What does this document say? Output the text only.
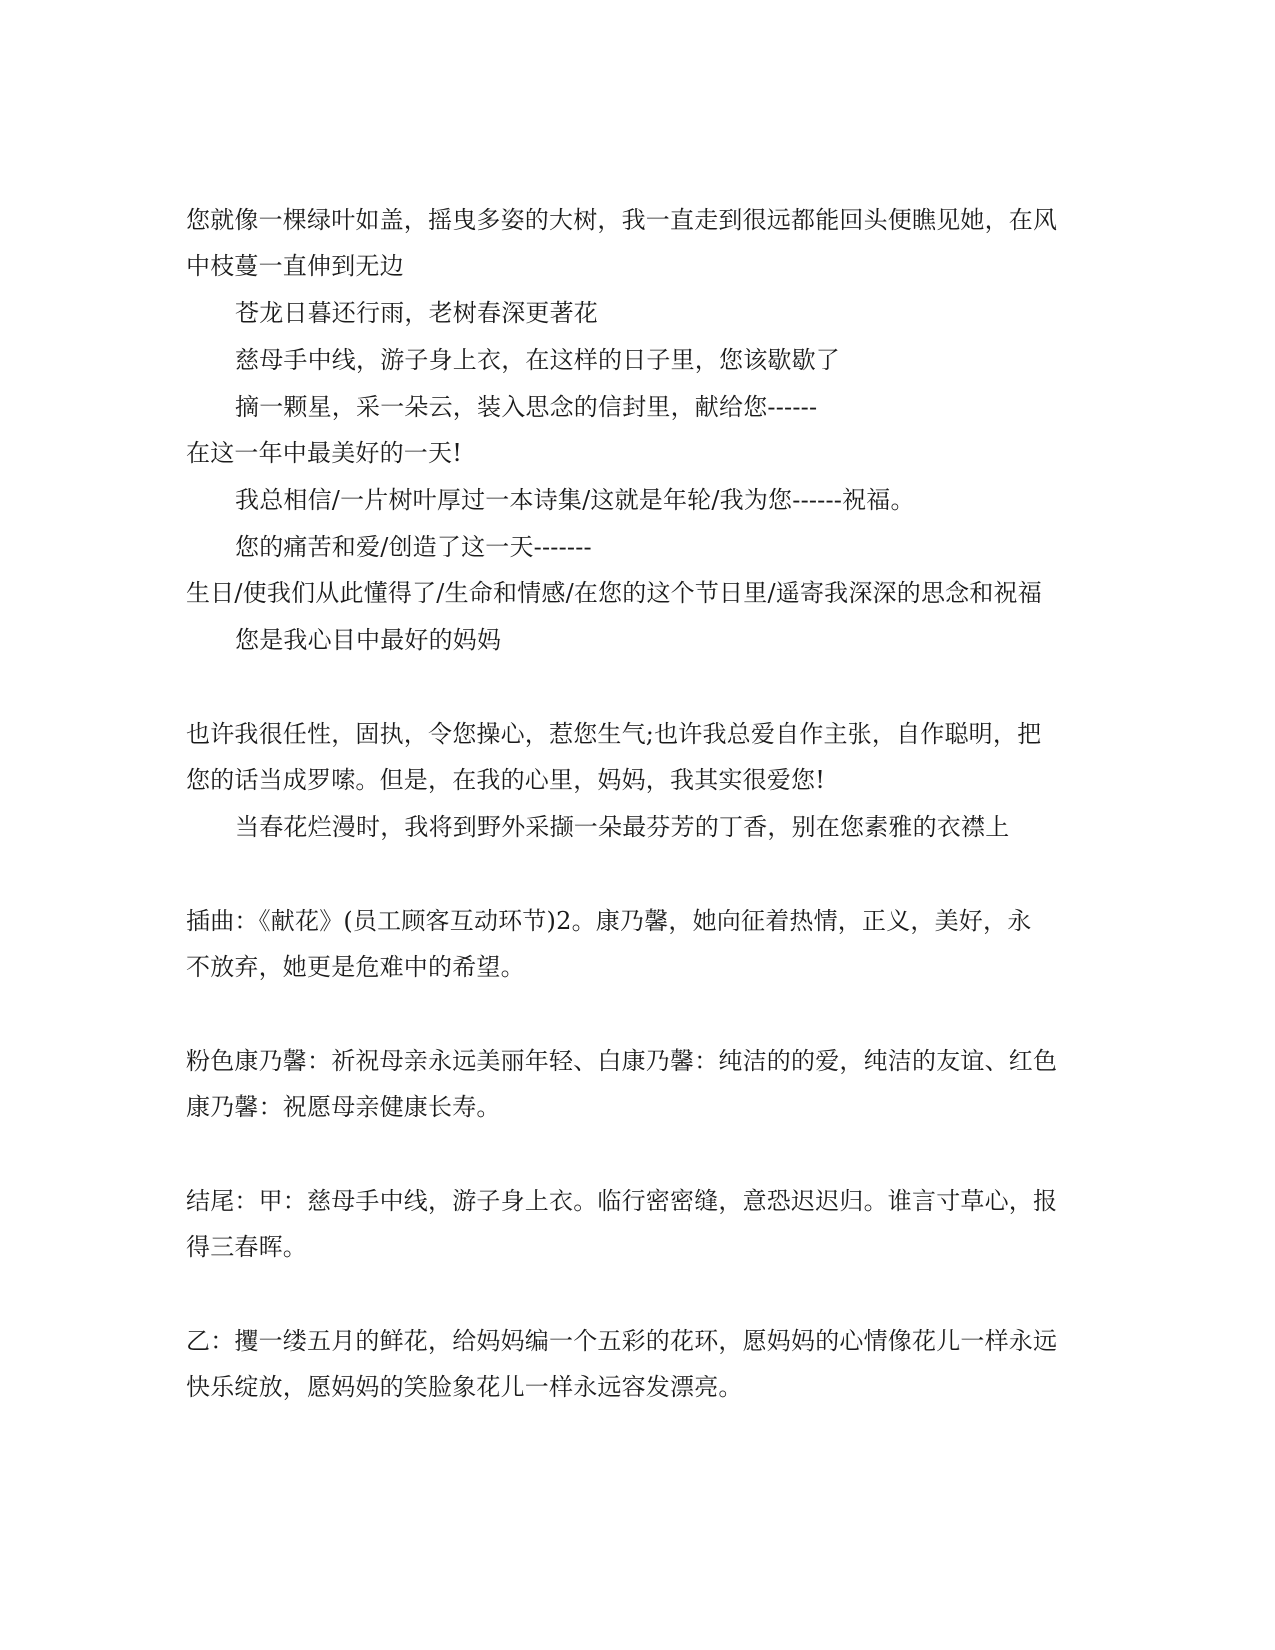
您就像一棵绿叶如盖，摇曳多姿的大树，我一直走到很远都能回头便瞧见她，在风
中枝蔓一直伸到无边
苍龙日暮还行雨，老树春深更著花
慈母手中线，游子身上衣，在这样的日子里，您该歇歇了
摘一颗星，采一朵云，装入思念的信封里，献给您------
在这一年中最美好的一天!
我总相信/一片树叶厚过一本诗集/这就是年轮/我为您------祝福。
您的痛苦和爱/创造了这一天-------
生日/使我们从此懂得了/生命和情感/在您的这个节日里/遥寄我深深的思念和祝福
您是我心目中最好的妈妈
也许我很任性，固执，令您操心，惹您生气;也许我总爱自作主张，自作聪明，把
您的话当成罗嗦。但是，在我的心里，妈妈，我其实很爱您!
当春花烂漫时，我将到野外采撷一朵最芬芳的丁香，别在您素雅的衣襟上
插曲：《献花》(员工顾客互动环节)2。康乃馨，她向征着热情，正义，美好，永
不放弃，她更是危难中的希望。
粉色康乃馨：祈祝母亲永远美丽年轻、白康乃馨：纯洁的的爱，纯洁的友谊、红色
康乃馨：祝愿母亲健康长寿。
结尾：甲：慈母手中线，游子身上衣。临行密密缝，意恐迟迟归。谁言寸草心，报
得三春晖。
乙：攫一缕五月的鲜花，给妈妈编一个五彩的花环，愿妈妈的心情像花儿一样永远
快乐绽放，愿妈妈的笑脸象花儿一样永远容发漂亮。
